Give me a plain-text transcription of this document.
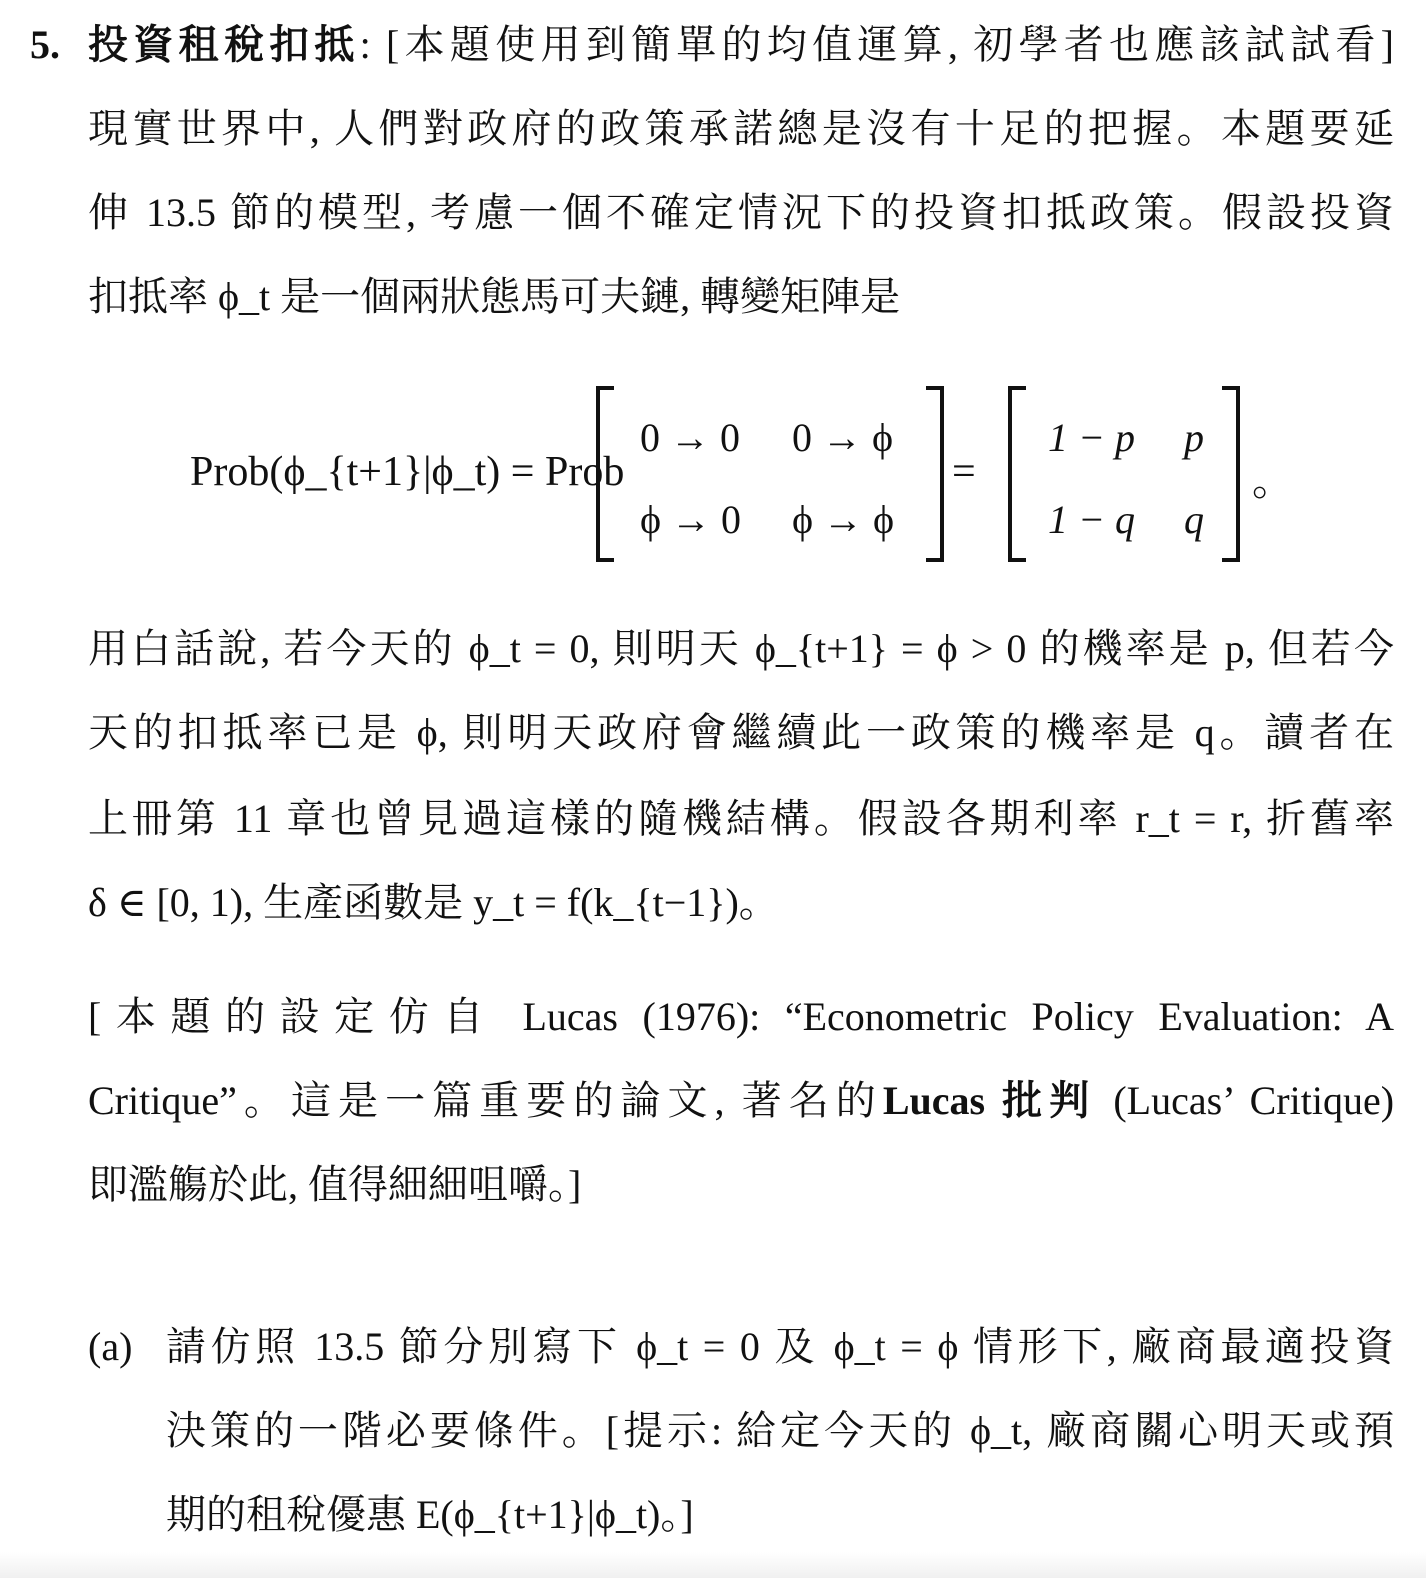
5. 投資租稅扣抵: [本題使用到簡單的均值運算, 初學者也應該試試看]
現實世界中, 人們對政府的政策承諾總是沒有十足的把握。本題要延
伸 13.5 節的模型, 考慮一個不確定情況下的投資扣抵政策。假設投資
扣抵率 ϕ_t 是一個兩狀態馬可夫鏈, 轉變矩陣是
Prob(ϕ_{t+1}|ϕ_t) = Prob
0 → 0 0 → ϕ
ϕ → 0 ϕ → ϕ
=
1 − p p
1 − q q
。
用白話說, 若今天的 ϕ_t = 0, 則明天 ϕ_{t+1} = ϕ > 0 的機率是 p, 但若今
天的扣抵率已是 ϕ, 則明天政府會繼續此一政策的機率是 q。讀者在
上冊第 11 章也曾見過這樣的隨機結構。假設各期利率 r_t = r, 折舊率
δ ∈ [0, 1), 生產函數是 y_t = f(k_{t−1})。
[本題的設定仿自 Lucas (1976): “Econometric Policy Evaluation: A
Critique”。這是一篇重要的論文, 著名的Lucas 批判 (Lucas’ Critique)
即濫觴於此, 值得細細咀嚼。]
(a) 請仿照 13.5 節分別寫下 ϕ_t = 0 及 ϕ_t = ϕ 情形下, 廠商最適投資
決策的一階必要條件。[提示: 給定今天的 ϕ_t, 廠商關心明天或預
期的租稅優惠 E(ϕ_{t+1}|ϕ_t)。]
